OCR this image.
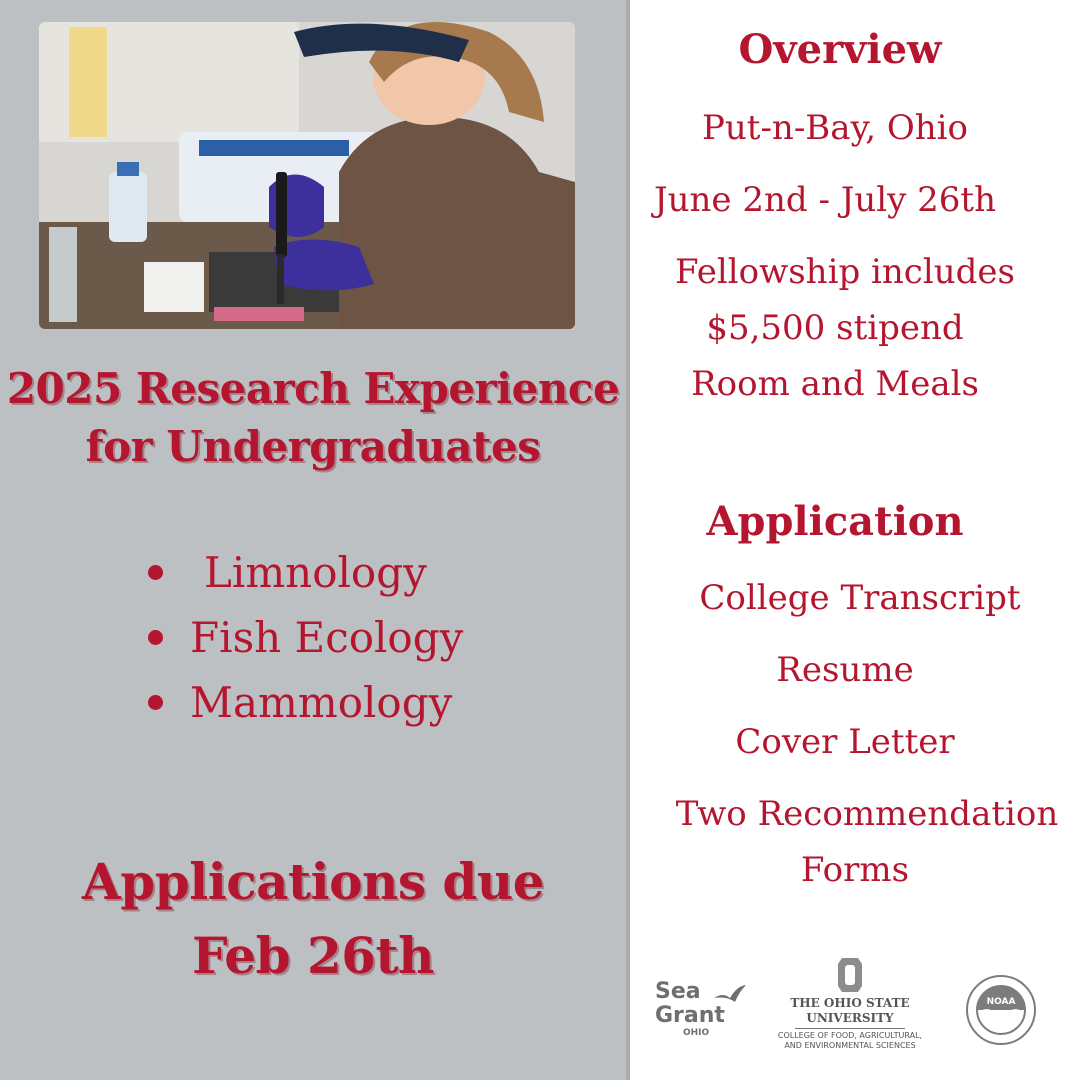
2025 Research Experience
for Undergraduates
Limnology
Fish Ecology
Mammology
Applications due
Feb 26th
Overview
Put-n-Bay, Ohio
June 2nd - July 26th
Fellowship includes
$5,500 stipend
Room and Meals
Application
College Transcript
Resume
Cover Letter
Two Recommendation
Forms
Sea
Grant
OHIO
THE OHIO STATE
UNIVERSITY
COLLEGE OF FOOD, AGRICULTURAL,
AND ENVIRONMENTAL SCIENCES
NOAA
